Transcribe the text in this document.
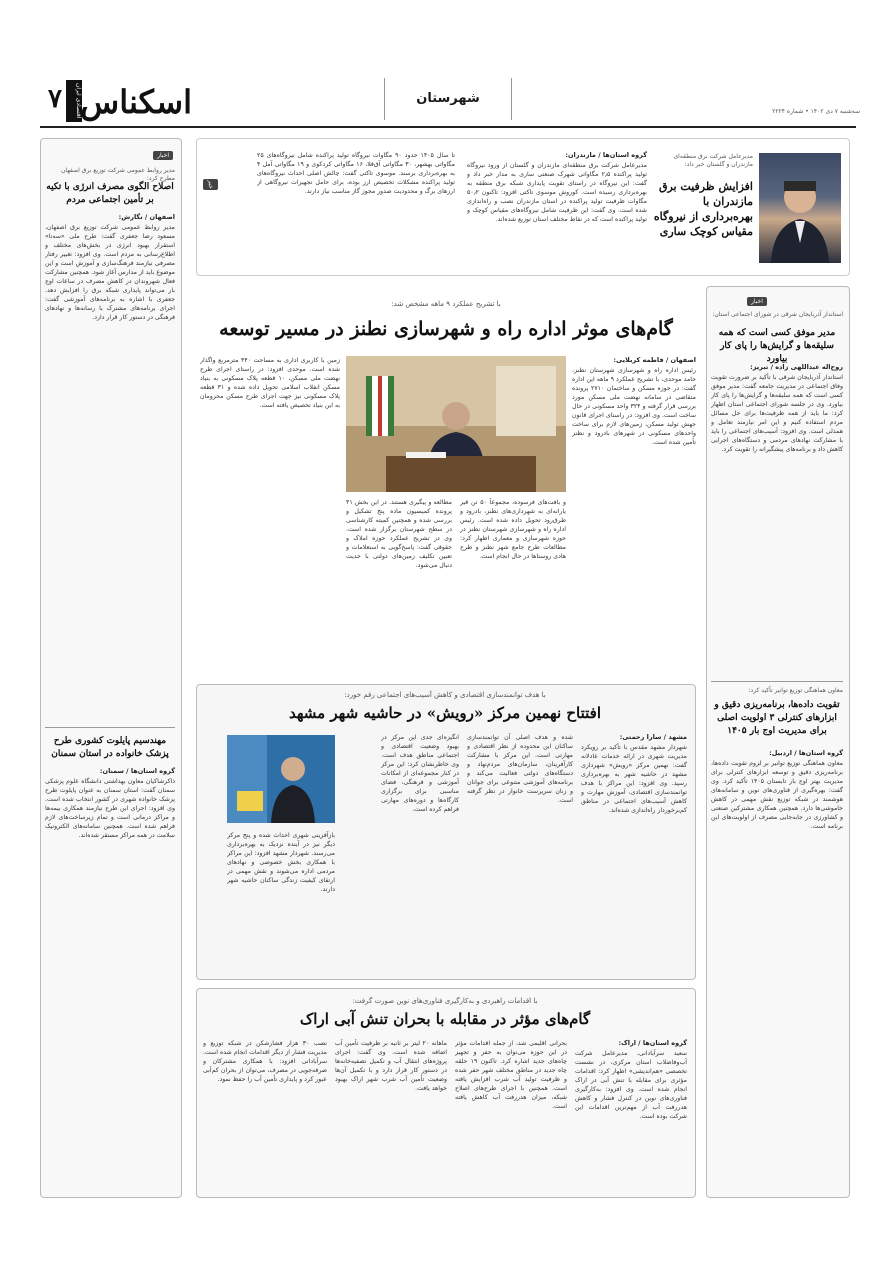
۷	اقتصادی ایران
اسکناس	شهرستان
سه‌شنبه ۷ دی ۱۴۰۲ • شماره ۲۲۲۴
مدیرعامل شرکت برق منطقه‌ای مازندران و گلستان خبر داد:
افزایش ظرفیت برق مازندران با بهره‌برداری از نیروگاه مقیاس کوچک ساری
گروه استان‌ها / مازندران:
مدیرعامل شرکت برق منطقه‌ای مازندران و گلستان از ورود نیروگاه تولید پراکنده ۲٫۵ مگاواتی شهرک صنعتی ساری به مدار خبر داد و گفت: این نیروگاه در راستای تقویت پایداری شبکه برق منطقه به بهره‌برداری رسیده است. کوروش موسوی تاکتی افزود: تاکنون ۵۰٫۲ مگاوات ظرفیت تولید پراکنده در استان مازندران نصب و راه‌اندازی شده است. وی گفت: این ظرفیت شامل نیروگاه‌های مقیاس کوچک و تولید پراکنده است که در نقاط مختلف استان توزیع شده‌اند.
تا سال ۱۴۰۵ حدود ۹۰ مگاوات نیروگاه تولید پراکنده شامل نیروگاه‌های ۲۵ مگاواتی بهشهر، ۳۰ مگاواتی آق‌قلا، ۱۶ مگاواتی کردکوی و ۱۹ مگاواتی آمل ۴ به بهره‌برداری برسند. موسوی تاکتی گفت: چالش اصلی احداث نیروگاه‌های تولید پراکنده مشکلات تخصیص ارز بوده، برای حامل تجهیزات نیروگاهی از ارزهای برگ و محدودیت صدور مجوز گاز مناسب نیاز دارند.
خبر
اخبار
مدیر روابط عمومی شرکت توزیع برق اصفهان مطرح کرد:
اصلاح الگوی مصرف انرژی با تکیه بر تأمین اجتماعی مردم
اصفهان / نگارش:
مدیر روابط عمومی شرکت توزیع برق اصفهان، مسعود رضا جعفری گفت: طرح ملی «سه‌تا» استقرار بهبود انرژی در بخش‌های مختلف و اطلاع‌رسانی به مردم است. وی افزود: تغییر رفتار مصرفی نیازمند فرهنگ‌سازی و آموزش است و این موضوع باید از مدارس آغاز شود. همچنین مشارکت فعال شهروندان در کاهش مصرف در ساعات اوج بار می‌تواند پایداری شبکه برق را افزایش دهد. جعفری با اشاره به برنامه‌های آموزشی گفت: اجرای برنامه‌های مشترک با رسانه‌ها و نهادهای فرهنگی در دستور کار قرار دارد.
مهندسیم پایلوت کشوری طرح پزشک خانواده در استان سمنان
گروه استان‌ها / سمنان:
ذاکرشاکیان معاون بهداشتی دانشگاه علوم پزشکی سمنان گفت: استان سمنان به عنوان پایلوت طرح پزشک خانواده شهری در کشور انتخاب شده است. وی افزود: اجرای این طرح نیازمند همکاری بیمه‌ها و مراکز درمانی است و تمام زیرساخت‌های لازم فراهم شده است. همچنین سامانه‌های الکترونیک سلامت در همه مراکز مستقر شده‌اند.
اخبار
استاندار آذربایجان شرقی در شورای اجتماعی استان:
مدیر موفق کسی است که همه سلیقه‌ها و گرایش‌ها را پای کار بیاورد
روح‌اله عبداللهی زاده / تبریز:
استاندار آذربایجان شرقی با تأکید بر ضرورت تقویت وفاق اجتماعی در مدیریت جامعه گفت: مدیر موفق کسی است که همه سلیقه‌ها و گرایش‌ها را پای کار بیاورد. وی در جلسه شورای اجتماعی استان اظهار کرد: ما باید از همه ظرفیت‌ها برای حل مسائل مردم استفاده کنیم و این امر نیازمند تعامل و همدلی است. وی افزود: آسیب‌های اجتماعی را باید با مشارکت نهادهای مردمی و دستگاه‌های اجرایی کاهش داد و برنامه‌های پیشگیرانه را تقویت کرد.
معاون هماهنگی توزیع توانیر تأکید کرد:
تقویت داده‌ها، برنامه‌ریزی دقیق و ابزارهای کنترلی ۳ اولویت اصلی برای مدیریت اوج بار ۱۴۰۵
گروه استان‌ها / اردبیل:
معاون هماهنگی توزیع توانیر بر لزوم تقویت داده‌ها، برنامه‌ریزی دقیق و توسعه ابزارهای کنترلی برای مدیریت بهتر اوج بار تابستان ۱۴۰۵ تأکید کرد. وی گفت: بهره‌گیری از فناوری‌های نوین و سامانه‌های هوشمند در شبکه توزیع نقش مهمی در کاهش خاموشی‌ها دارد. همچنین همکاری مشترکین صنعتی و کشاورزی در جابه‌جایی مصرف از اولویت‌های این برنامه است.
با تشریح عملکرد ۹ ماهه مشخص شد:
گام‌های موثر اداره راه و شهرسازی نطنز در مسیر توسعه
اصفهان / فاطمه کربلایی:
رئیس اداره راه و شهرسازی شهرستان نطنز، حامد موحدی، با تشریح عملکرد ۹ ماهه این اداره گفت: در حوزه مسکن و ساختمان ۲۷۱۰ پرونده متقاضی در سامانه نهضت ملی مسکن مورد بررسی قرار گرفته و ۳۲۴ واحد مسکونی در حال ساخت است. وی افزود: در راستای اجرای قانون جهش تولید مسکن، زمین‌های لازم برای ساخت واحدهای مسکونی در شهرهای بادرود و نطنز تأمین شده است.
و بافت‌های فرسوده، مجموعاً ۵۰ تن قیر یارانه‌ای به شهرداری‌های نطنز، بادرود و طرق‌رود تحویل داده شده است. رئیس اداره راه و شهرسازی شهرستان نطنز در حوزه شهرسازی و معماری اظهار کرد: مطالعات طرح جامع شهر نطنز و طرح هادی روستاها در حال انجام است.
مطالعه و پیگیری هستند. در این بخش ۴۱ پرونده کمیسیون ماده پنج تشکیل و بررسی شده و همچنین کمیته کارشناسی در سطح شهرستان برگزار شده است. وی در تشریح عملکرد حوزه املاک و حقوقی گفت: پاسخ‌گویی به استعلامات و تعیین تکلیف زمین‌های دولتی با جدیت دنبال می‌شود.
زمین با کاربری اداری به مساحت ۴۴۰ مترمربع واگذار شده است. موحدی افزود: در راستای اجرای طرح نهضت ملی مسکن، ۱۰ قطعه پلاک مسکونی به بنیاد مسکن انقلاب اسلامی تحویل داده شده و ۳۱ قطعه پلاک مسکونی نیز جهت اجرای طرح مسکن محرومان به این بنیاد تخصیص یافته است.
با هدف توانمندسازی اقتصادی و کاهش آسیب‌های اجتماعی رقم خورد:
افتتاح نهمین مرکز «رویش» در حاشیه شهر مشهد
مشهد / سارا رحمتی:
شهردار مشهد مقدس با تأکید بر رویکرد مدیریت شهری در ارائه خدمات عادلانه گفت: نهمین مرکز «رویش» شهرداری مشهد در حاشیه شهر به بهره‌برداری رسید. وی افزود: این مراکز با هدف توانمندسازی اقتصادی، آموزش مهارت و کاهش آسیب‌های اجتماعی در مناطق کم‌برخوردار راه‌اندازی شده‌اند.
شده و هدف اصلی آن توانمندسازی ساکنان این محدوده از نظر اقتصادی و مهارتی است. این مرکز با مشارکت کارآفرینان، سازمان‌های مردم‌نهاد و دستگاه‌های دولتی فعالیت می‌کند و برنامه‌های آموزشی متنوعی برای جوانان و زنان سرپرست خانوار در نظر گرفته است.
انگیزه‌ای جدی این مرکز در بهبود وضعیت اقتصادی و اجتماعی مناطق هدف است. وی خاطرنشان کرد: این مرکز در کنار مجموعه‌ای از امکانات آموزشی و فرهنگی، فضای مناسبی برای برگزاری کارگاه‌ها و دوره‌های مهارتی فراهم کرده است.
بازآفرینی شهری احداث شده و پنج مرکز دیگر نیز در آینده نزدیک به بهره‌برداری می‌رسند. شهردار مشهد افزود: این مراکز با همکاری بخش خصوصی و نهادهای مردمی اداره می‌شوند و نقش مهمی در ارتقای کیفیت زندگی ساکنان حاشیه شهر دارند.
با اقدامات راهبردی و به‌کارگیری فناوری‌های نوین صورت گرفت:
گام‌های مؤثر در مقابله با بحران تنش آبی اراک
گروه استان‌ها / اراک:
سعید سرآبادانی، مدیرعامل شرکت آب‌وفاضلاب استان مرکزی، در نشست تخصصی «هم‌اندیشی» اظهار کرد: اقدامات مؤثری برای مقابله با تنش آبی در اراک انجام شده است. وی افزود: به‌کارگیری فناوری‌های نوین در کنترل فشار و کاهش هدررفت آب از مهم‌ترین اقدامات این شرکت بوده است.
بحرانی اقلیمی شد، از جمله اقدامات مؤثر در این حوزه می‌توان به حفر و تجهیز چاه‌های جدید اشاره کرد. تاکنون ۱۹ حلقه چاه جدید در مناطق مختلف شهر حفر شده و ظرفیت تولید آب شرب افزایش یافته است. همچنین با اجرای طرح‌های اصلاح شبکه، میزان هدررفت آب کاهش یافته است.
ماهانه ۲۰ لیتر بر ثانیه بر ظرفیت تأمین آب اضافه شده است. وی گفت: اجرای پروژه‌های انتقال آب و تکمیل تصفیه‌خانه‌ها در دستور کار قرار دارد و با تکمیل آن‌ها وضعیت تأمین آب شرب شهر اراک بهبود خواهد یافت.
نصب ۳۰ هزار فشارشکن در شبکه توزیع و مدیریت فشار از دیگر اقدامات انجام شده است. سرآبادانی افزود: با همکاری مشترکان و صرفه‌جویی در مصرف، می‌توان از بحران کم‌آبی عبور کرد و پایداری تأمین آب را حفظ نمود.
